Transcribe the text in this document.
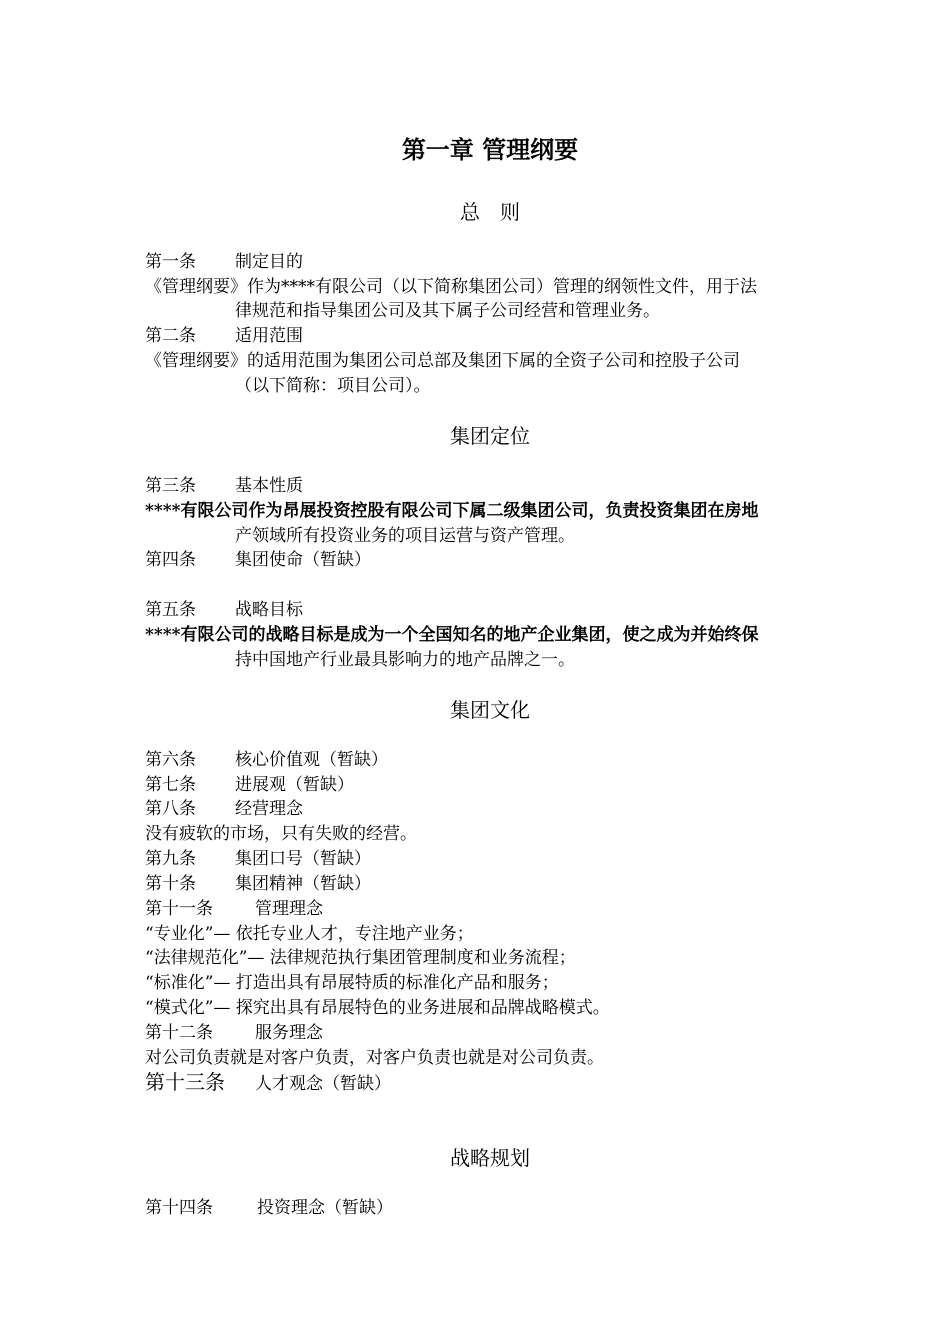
第一章 管理纲要
总　则
第一条 制定目的
《管理纲要》作为****有限公司（以下简称集团公司）管理的纲领性文件，用于法
律规范和指导集团公司及其下属子公司经营和管理业务。
第二条 适用范围
《管理纲要》的适用范围为集团公司总部及集团下属的全资子公司和控股子公司
（以下简称：项目公司）。
集团定位
第三条 基本性质
****有限公司作为昂展投资控股有限公司下属二级集团公司，负责投资集团在房地
产领域所有投资业务的项目运营与资产管理。
第四条 集团使命（暂缺）
第五条 战略目标
****有限公司的战略目标是成为一个全国知名的地产企业集团，使之成为并始终保
持中国地产行业最具影响力的地产品牌之一。
集团文化
第六条 核心价值观（暂缺）
第七条 进展观（暂缺）
第八条 经营理念
没有疲软的市场，只有失败的经营。
第九条 集团口号（暂缺）
第十条 集团精神（暂缺）
第十一条 管理理念
“专业化”— 依托专业人才，专注地产业务；
“法律规范化”— 法律规范执行集团管理制度和业务流程；
“标准化”— 打造出具有昂展特质的标准化产品和服务；
“模式化”— 探究出具有昂展特色的业务进展和品牌战略模式。
第十二条 服务理念
对公司负责就是对客户负责，对客户负责也就是对公司负责。
第十三条 人才观念（暂缺）
战略规划
第十四条	投资理念（暂缺）
